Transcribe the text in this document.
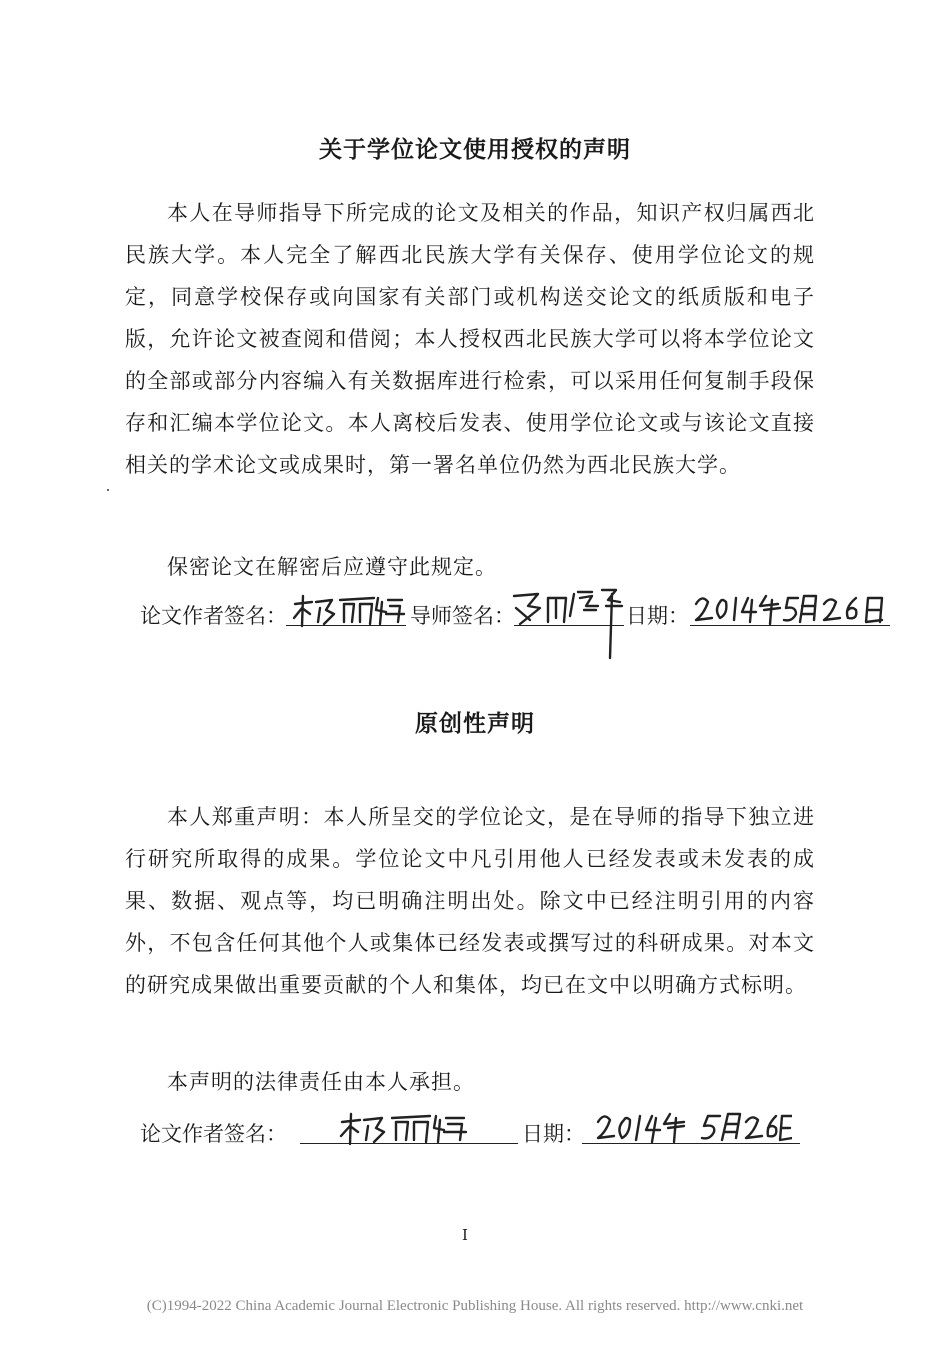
关于学位论文使用授权的声明

本人在导师指导下所完成的论文及相关的作品，知识产权归属西北民族大学。本人完全了解西北民族大学有关保存、使用学位论文的规定，同意学校保存或向国家有关部门或机构送交论文的纸质版和电子版，允许论文被查阅和借阅；本人授权西北民族大学可以将本学位论文的全部或部分内容编入有关数据库进行检索，可以采用任何复制手段保存和汇编本学位论文。本人离校后发表、使用学位论文或与该论文直接相关的学术论文或成果时，第一署名单位仍然为西北民族大学。

保密论文在解密后应遵守此规定。

论文作者签名：	导师签名：	日期：
原创性声明

本人郑重声明：本人所呈交的学位论文，是在导师的指导下独立进行研究所取得的成果。学位论文中凡引用他人已经发表或未发表的成果、数据、观点等，均已明确注明出处。除文中已经注明引用的内容外，不包含任何其他个人或集体已经发表或撰写过的科研成果。对本文的研究成果做出重要贡献的个人和集体，均已在文中以明确方式标明。

本声明的法律责任由本人承担。

论文作者签名：	日期：
I
(C)1994-2022 China Academic Journal Electronic Publishing House. All rights reserved. http://www.cnki.net
